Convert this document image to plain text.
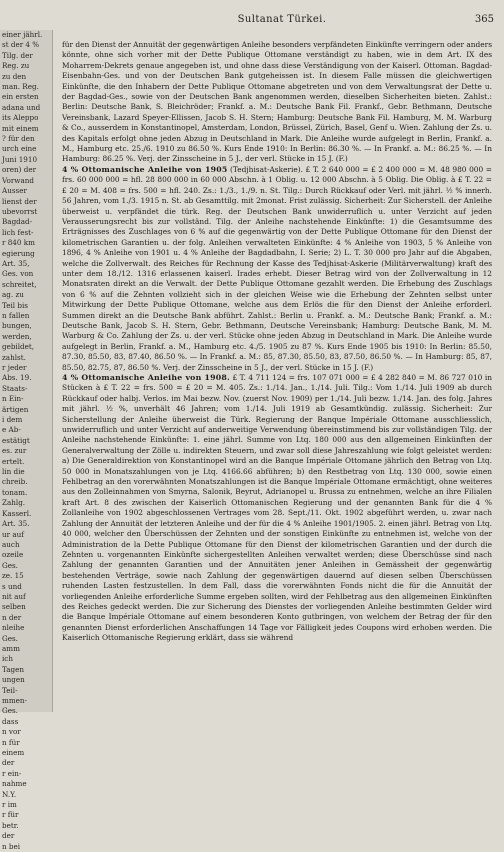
Sultanat Türkei.	365
einer jährl.
st der 4 %
Tilg. der
Reg. zu
zu den
man. Reg.
ein ersten
adana und
its Aleppo
mit einem
? für den
urch eine
Juni 1910
oren) der
Vorwand
Ausser
lienst der
ubevorrst
Bagdad-
lich fest-
r 840 km
egierung
Art. 35,
Ges. von
schreitet,
ag. zu
Teil bis
n fallen
bungen,
werden,
gebildet,
zahlst.
r jeder
Abs. 19.
Staats-
n Ein-
ärtigen
i dem
e Ab-
estätigt
es. zur
ertelt.
lin die
chreib.
tonam.
Zahlg.
Kasserl.
Art. 35.
ur auf
auch
ozeile
Ges.
ze. 15
s und
nit auf
selben
n der
nleihe
Ges.
amm
ich
Tagen
ungen
Teil-
mmen-
Ges.
dass
n vor
n für
einem
der
r ein-
nahme
N.Y.
r im
r für
betr.
der
n bei

für den Dienst der Annuität der gegenwärtigen Anleihe besonders verpfändeten Einkünfte verringern oder anders könnte, ohne sich vorher mit der Dette Publique Ottomane verständigt zu haben, wie in dem Art. IX des Moharrem-Dekrets genaue angegeben ist, und ohne dass diese Verständigung von der Kaiserl. Ottoman. Bagdad-Eisenbahn-Ges. und von der Deutschen Bank gutgeheissen ist. In diesem Falle müssen die gleichwertigen Einkünfte, die den Inhabern der Dette Publique Ottomane abgetreten und von dem Verwaltungsrat der Dette u. der Bagdad-Ges., sowie von der Deutschen Bank angenommen werden, dieselben Sicherheiten bieten. Zahlst.: Berlin: Deutsche Bank, S. Bleichröder; Frankf. a. M.: Deutsche Bank Fil. Frankf., Gebr. Bethmann, Deutsche Vereinsbank, Lazard Speyer-Ellissen, Jacob S. H. Stern; Hamburg: Deutsche Bank Fil. Hamburg, M. M. Warburg & Co., ausserdem in Konstantinopel, Amsterdam, London, Brüssel, Zürich, Basel, Genf u. Wien. Zahlung der Zs. u. des Kapitals erfolgt ohne jeden Abzug in Deutschland in Mark. Die Anleihe wurde aufgelegt in Berlin, Frankf. a. M., Hamburg etc. 25./6. 1910 zu 86.50 %. Kurs Ende 1910: In Berlin: 86.30 %. — In Frankf. a. M.: 86.25 %. — In Hamburg: 86.25 %. Verj. der Zinsscheine in 5 J., der verl. Stücke in 15 J. (F.)

4 % Ottomanische Anleihe von 1905 (Tedjhisat-Askerie). £ T. 2 640 000 = £ 2 400 000 = M. 48 980 000 = frs. 60 000 000 = hfl. 28 800 000 in 60 000 Abschn. à 1 Oblig. u. 12 000 Abschn. à 5 Oblig. Die Oblig. à £ T. 22 = £ 20 = M. 408 = frs. 500 = hfl. 240. Zs.: 1./3., 1./9. n. St. Tilg.: Durch Rückkauf oder Verl. mit jährl. ½ % innerh. 56 Jahren, vom 1./3. 1915 n. St. ab Gesamttilg. mit 2monat. Frist zulässig. Sicherheit: Zur Sicherstell. der Anleihe überweist u. verpfändet die türk. Reg. der Deutschen Bank unwiderruflich u. unter Verzicht auf jeden Verausserungsrecht bis zur vollständ. Tilg. der Anleihe nachstehende Einkünfte: 1) die Gesamtsumme des Erträgnisses des Zuschlages von 6 % auf die gegenwärtig von der Dette Publique Ottomane für den Dienst der kilometrischen Garantien u. der folg. Anleihen verwalteten Einkünfte: 4 % Anleihe von 1903, 5 % Anleihe von 1896, 4 % Anleihe von 1901 u. 4 % Anleihe der Bagdadbahn, I. Serie; 2) L. T. 30 000 pro Jahr auf die Abgaben, welche die Zollverwalt. des Reiches für Rechnung der Kasse des Tedjhisat-Askerie (Militärverwaltung) kraft des unter dem 18./12. 1316 erlassenen kaiserl. Irades erhebt. Dieser Betrag wird von der Zollverwaltung in 12 Monatsraten direkt an die Verwalt. der Dette Publique Ottomane gezahlt werden. Die Erhebung des Zuschlags von 6 % auf die Zehnten vollzieht sich in der gleichen Weise wie die Erhebung der Zehnten selbst unter Mitwirkung der Dette Publique Ottomane, welche aus dem Erlös die für den Dienst der Anleihe erforderl. Summen direkt an die Deutsche Bank abführt. Zahlst.: Berlin u. Frankf. a. M.: Deutsche Bank; Frankf. a. M.: Deutsche Bank, Jacob S. H. Stern, Gebr. Bethmann, Deutsche Vereinsbank; Hamburg: Deutsche Bank, M. M. Warburg & Co. Zahlung der Zs. u. der verl. Stücke ohne jeden Abzug in Deutschland in Mark. Die Anleihe wurde aufgelegt in Berlin, Frankf. a. M., Hamburg etc. 4./5. 1905 zu 87 %. Kurs Ende 1905 bis 1910: In Berlin: 85.50, 87.30, 85.50, 83, 87.40, 86.50 %. — In Frankf. a. M.: 85, 87.30, 85.50, 83, 87.50, 86.50 %. — In Hamburg: 85, 87, 85.50, 82.75, 87, 86.50 %. Verj. der Zinsscheine in 5 J., der verl. Stücke in 15 J. (F.)

4 % Ottomanische Anleihe von 1908. £ T. 4 711 124 = frs. 107 071 000 = £ 4 282 840 = M. 86 727 010 in Stücken à £ T. 22 = frs. 500 = £ 20 = M. 405. Zs.: 1./14. Jan., 1./14. Juli. Tilg.: Vom 1./14. Juli 1909 ab durch Rückkauf oder halbj. Verlos. im Mai bezw. Nov. (zuerst Nov. 1909) per 1./14. Juli bezw. 1./14. Jan. des folg. Jahres mit jährl. ½ %, unverhält 46 Jahren; vom 1./14. Juli 1919 ab Gesamtkündig. zulässig. Sicherheit: Zur Sicherstellung der Anleihe überweist die Türk. Regierung der Banque Impériale Ottomane ausschliesslich, unwiderruflich und unter Verzicht auf anderweitige Verwendung übereinstimmend bis zur vollständigen Tilg. der Anleihe nachstehende Einkünfte: 1. eine jährl. Summe von Ltq. 180 000 aus den allgemeinen Einkünften der Generalverwaltung der Zölle u. indirekten Steuern, und zwar soll diese Jahreszahlung wie folgt geleistet werden: a) Die Generaldirektion von Konstantinopel wird an die Banque Impériale Ottomane jährlich den Betrag von Ltq. 50 000 in Monatszahlungen von je Ltq. 4166.66 abführen; b) den Restbetrag von Ltq. 130 000, sowie einen Fehlbetrag an den vorerwähnten Monatszahlungen ist die Banque Impériale Ottomane ermächtigt, ohne weiteres aus den Zolleinnahmen von Smyrna, Salonik, Beyrut, Adrianopel u. Brussa zu entnehmen, welche an ihre Filialen kraft Art. 8 des zwischen der Kaiserlich Ottomanischen Regierung und der genannten Bank für die 4 % Zollanleihe von 1902 abgeschlossenen Vertrages vom 28. Sept./11. Okt. 1902 abgeführt werden, u. zwar nach Zahlung der Annuität der letzteren Anleihe und der für die 4 % Anleihe 1901/1905. 2. einen jährl. Betrag von Ltq. 40 000, welcher den Überschüssen der Zehnten und der sonstigen Einkünfte zu entnehmen ist, welche von der Administration de la Dette Publique Ottomane für den Dienst der kilometrischen Garantien und der durch die Zehnten u. vorgenannten Einkünfte sichergestellten Anleihen verwaltet werden; diese Überschüsse sind nach Zahlung der genannten Garantien und der Annuitäten jener Anleihen in Gemässheit der gegenwärtig bestehenden Verträge, sowie nach Zahlung der gegenwärtigen dauernd auf diesen selben Überschüssen ruhenden Lasten festzustellen. In dem Fall, dass die vorerwähnten Fonds nicht die für die Annuität der vorliegenden Anleihe erforderliche Summe ergeben sollten, wird der Fehlbetrag aus den allgemeinen Einkünften des Reiches gedeckt werden. Die zur Sicherung des Dienstes der vorliegenden Anleihe bestimmten Gelder wird die Banque Impériale Ottomane auf einem besonderen Konto gutbringen, von welchem der Betrag der für den genannten Dienst erforderlichen Anschaffungen 14 Tage vor Fälligkeit jedes Coupons wird erhoben werden. Die Kaiserlich Ottomanische Regierung erklärt, dass sie während
